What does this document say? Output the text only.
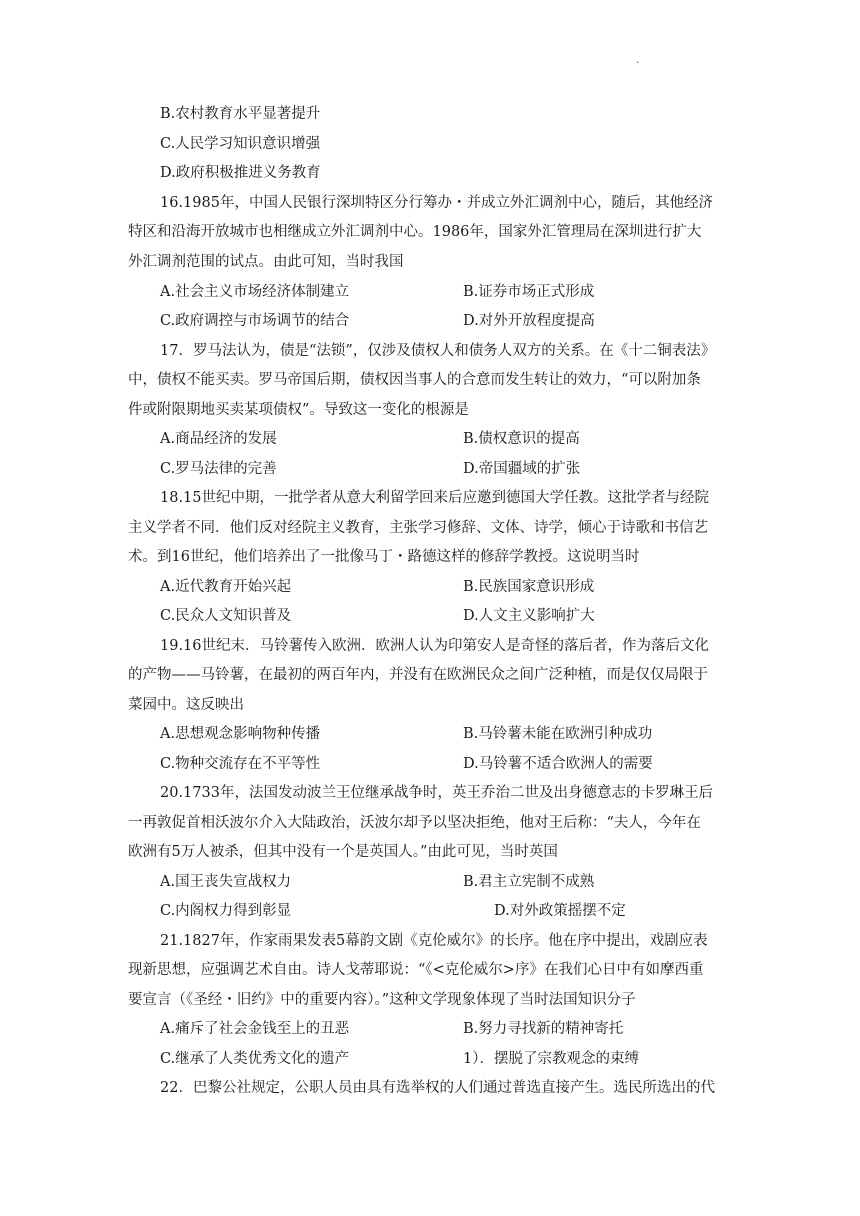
·
B.农村教育水平显著提升
C.人民学习知识意识增强
D.政府积极推进义务教育
16.1985年，中国人民银行深圳特区分行筹办・并成立外汇调剂中心，随后，其他经济
特区和沿海开放城市也相继成立外汇调剂中心。1986年，国家外汇管理局在深圳进行扩大
外汇调剂范围的试点。由此可知，当时我国
A.社会主义市场经济体制建立	B.证券市场正式形成
C.政府调控与市场调节的结合	D.对外开放程度提高
17．罗马法认为，债是“法锁”，仅涉及债权人和债务人双方的关系。在《十二铜表法》
中，债权不能买卖。罗马帝国后期，债权因当事人的合意而发生转让的效力，“可以附加条
件或附限期地买卖某项债权”。导致这一变化的根源是
A.商品经济的发展	B.债权意识的提高
C.罗马法律的完善	D.帝国疆域的扩张
18.15世纪中期，一批学者从意大利留学回来后应邀到德国大学任教。这批学者与经院
主义学者不同．他们反对经院主义教育，主张学习修辞、文体、诗学，倾心于诗歌和书信艺
术。到16世纪，他们培养出了一批像马丁・路德这样的修辞学教授。这说明当时
A.近代教育开始兴起	B.民族国家意识形成
C.民众人文知识普及	D.人文主义影响扩大
19.16世纪末．马铃薯传入欧洲．欧洲人认为印第安人是奇怪的落后者，作为落后文化
的产物——马铃薯，在最初的两百年内，并没有在欧洲民众之间广泛种植，而是仅仅局限于
菜园中。这反映出
A.思想观念影响物种传播	B.马铃薯未能在欧洲引种成功
C.物种交流存在不平等性	D.马铃薯不适合欧洲人的需要
20.1733年，法国发动波兰王位继承战争时，英王乔治二世及出身德意志的卡罗琳王后
一再敦促首相沃波尔介入大陆政治，沃波尔却予以坚决拒绝，他对王后称：“夫人，今年在
欧洲有5万人被杀，但其中没有一个是英国人。”由此可见，当时英国
A.国王丧失宣战权力	B.君主立宪制不成熟
C.内阁权力得到彰显	D.对外政策摇摆不定
21.1827年，作家雨果发表5幕韵文剧《克伦威尔》的长序。他在序中提出，戏剧应表
现新思想，应强调艺术自由。诗人戈蒂耶说：“《<克伦威尔>序》在我们心日中有如摩西重
要宣言（《圣经・旧约》中的重要内容）。”这种文学现象体现了当时法国知识分子
A.痛斥了社会金钱至上的丑恶	B.努力寻找新的精神寄托
C.继承了人类优秀文化的遗产	1）．摆脱了宗教观念的束缚
22．巴黎公社规定，公职人员由具有选举权的人们通过普选直接产生。选民所选出的代
